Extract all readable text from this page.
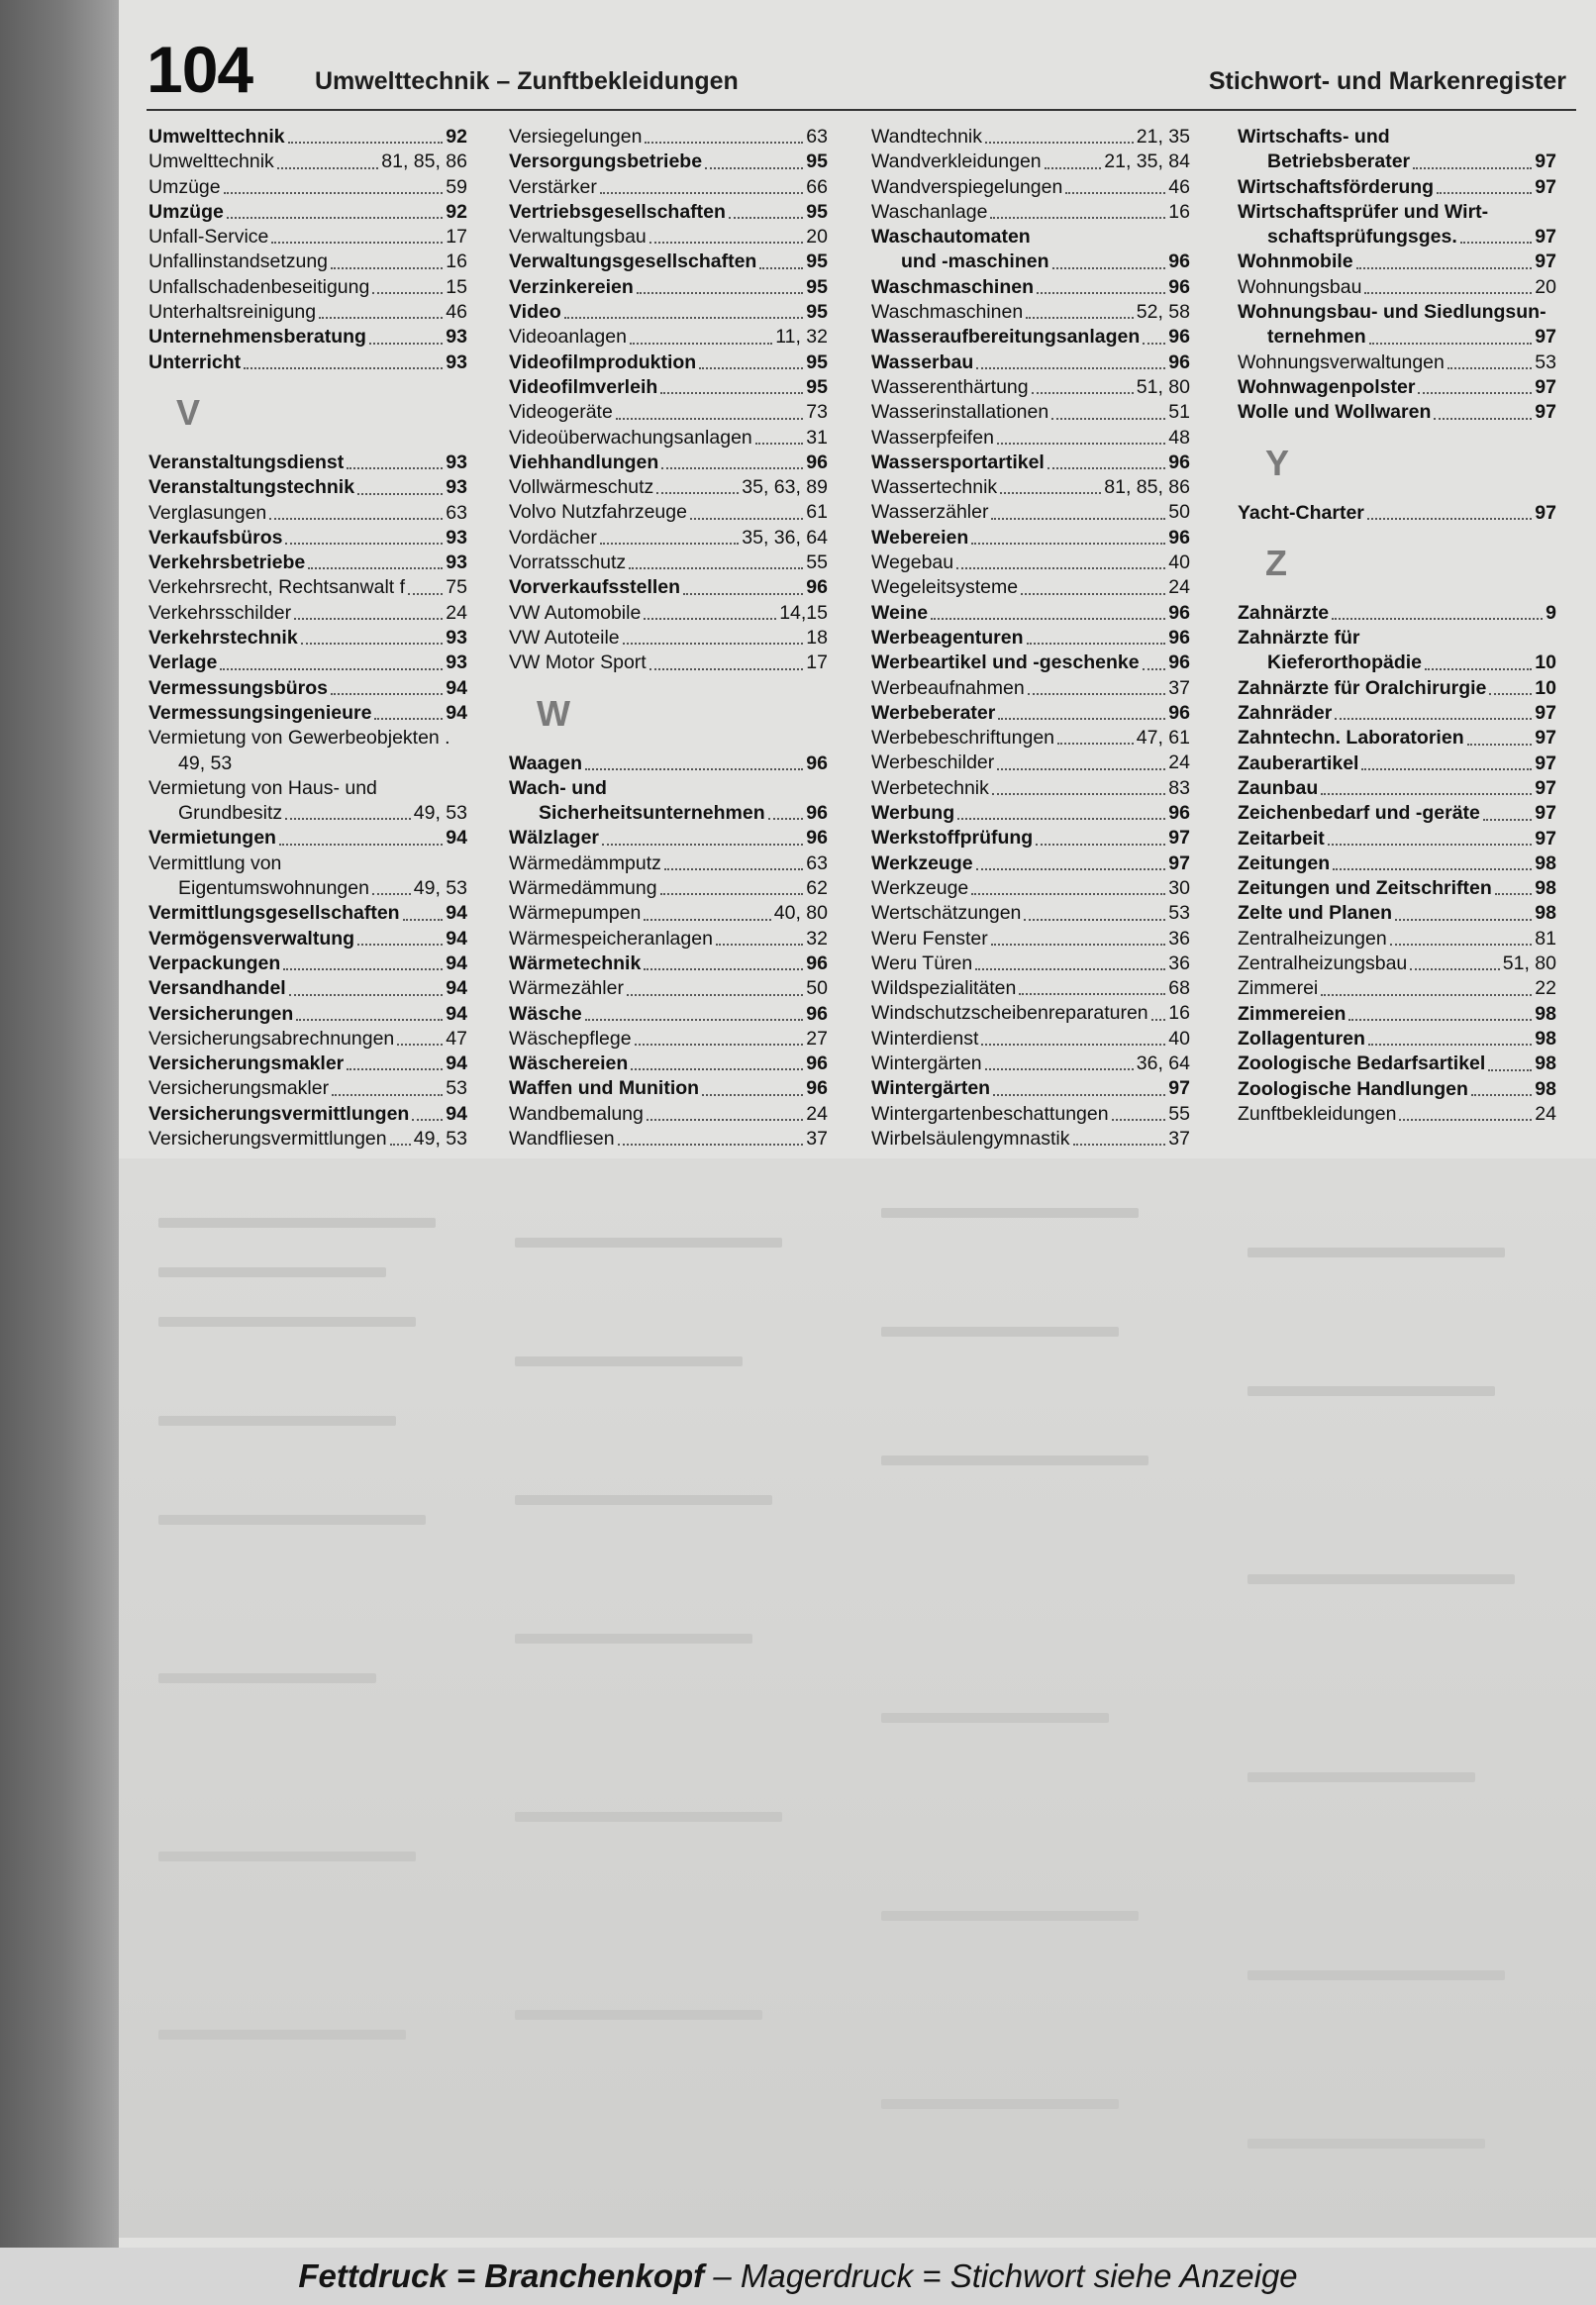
104	Umwelttechnik – Zunftbekleidungen	Stichwort- und Markenregister
Umwelttechnik	92
Umwelttechnik	81, 85, 86
Umzüge	59
Umzüge	92
Unfall-Service	17
Unfallinstandsetzung	16
Unfallschadenbeseitigung	15
Unterhaltsreinigung	46
Unternehmensberatung	93
Unterricht	93
V
Veranstaltungsdienst	93
Veranstaltungstechnik	93
Verglasungen	63
Verkaufsbüros	93
Verkehrsbetriebe	93
Verkehrsrecht, Rechtsanwalt f 75
Verkehrsschilder	24
Verkehrstechnik	93
Verlage	93
Vermessungsbüros	94
Vermessungsingenieure	94
Vermietung von Gewerbeobjekten .
49, 53
Vermietung von Haus- und
Grundbesitz	49, 53
Vermietungen	94
Vermittlung von
Eigentumswohnungen 49, 53
Vermittlungsgesellschaften 94
Vermögensverwaltung	94
Verpackungen	94
Versandhandel	94
Versicherungen	94
Versicherungsabrechnungen	47
Versicherungsmakler	94
Versicherungsmakler	53
Versicherungsvermittlungen 94
Versicherungsvermittlungen 49, 53
Versiegelungen	63
Versorgungsbetriebe	95
Verstärker	66
Vertriebsgesellschaften	95
Verwaltungsbau	20
Verwaltungsgesellschaften	95
Verzinkereien	95
Video	95
Videoanlagen	11, 32
Videofilmproduktion	95
Videofilmverleih	95
Videogeräte	73
Videoüberwachungsanlagen	31
Viehhandlungen	96
Vollwärmeschutz	35, 63, 89
Volvo Nutzfahrzeuge	61
Vordächer	35, 36, 64
Vorratsschutz	55
Vorverkaufsstellen	96
VW Automobile	14,15
VW Autoteile	18
VW Motor Sport	17
W
Waagen	96
Wach- und
Sicherheitsunternehmen 96
Wälzlager	96
Wärmedämmputz	63
Wärmedämmung	62
Wärmepumpen	40, 80
Wärmespeicheranlagen	32
Wärmetechnik	96
Wärmezähler	50
Wäsche	96
Wäschepflege	27
Wäschereien	96
Waffen und Munition	96
Wandbemalung	24
Wandfliesen	37
Wandtechnik	21, 35
Wandverkleidungen	21, 35, 84
Wandverspiegelungen	46
Waschanlage	16
Waschautomaten
und -maschinen	96
Waschmaschinen	96
Waschmaschinen	52, 58
Wasseraufbereitungsanlagen 96
Wasserbau	96
Wasserenthärtung	51, 80
Wasserinstallationen	51
Wasserpfeifen	48
Wassersportartikel	96
Wassertechnik	81, 85, 86
Wasserzähler	50
Webereien	96
Wegebau	40
Wegeleitsysteme	24
Weine	96
Werbeagenturen	96
Werbeartikel und -geschenke 96
Werbeaufnahmen	37
Werbeberater	96
Werbebeschriftungen	47, 61
Werbeschilder	24
Werbetechnik	83
Werbung	96
Werkstoffprüfung	97
Werkzeuge	97
Werkzeuge	30
Wertschätzungen	53
Weru Fenster	36
Weru Türen	36
Wildspezialitäten	68
Windschutzscheibenreparaturen 16
Winterdienst	40
Wintergärten	36, 64
Wintergärten	97
Wintergartenbeschattungen	55
Wirbelsäulengymnastik	37
Wirtschafts- und
Betriebsberater	97
Wirtschaftsförderung	97
Wirtschaftsprüfer und Wirt-
schaftsprüfungsges.	97
Wohnmobile	97
Wohnungsbau	20
Wohnungsbau- und Siedlungsun-
ternehmen	97
Wohnungsverwaltungen	53
Wohnwagenpolster	97
Wolle und Wollwaren	97
Y
Yacht-Charter	97
Z
Zahnärzte	9
Zahnärzte für
Kieferorthopädie	10
Zahnärzte für Oralchirurgie	10
Zahnräder	97
Zahntechn. Laboratorien	97
Zauberartikel	97
Zaunbau	97
Zeichenbedarf und -geräte	97
Zeitarbeit	97
Zeitungen	98
Zeitungen und Zeitschriften 98
Zelte und Planen	98
Zentralheizungen	81
Zentralheizungsbau	51, 80
Zimmerei	22
Zimmereien	98
Zollagenturen	98
Zoologische Bedarfsartikel	98
Zoologische Handlungen	98
Zunftbekleidungen	24
Fettdruck = Branchenkopf – Magerdruck = Stichwort siehe Anzeige
